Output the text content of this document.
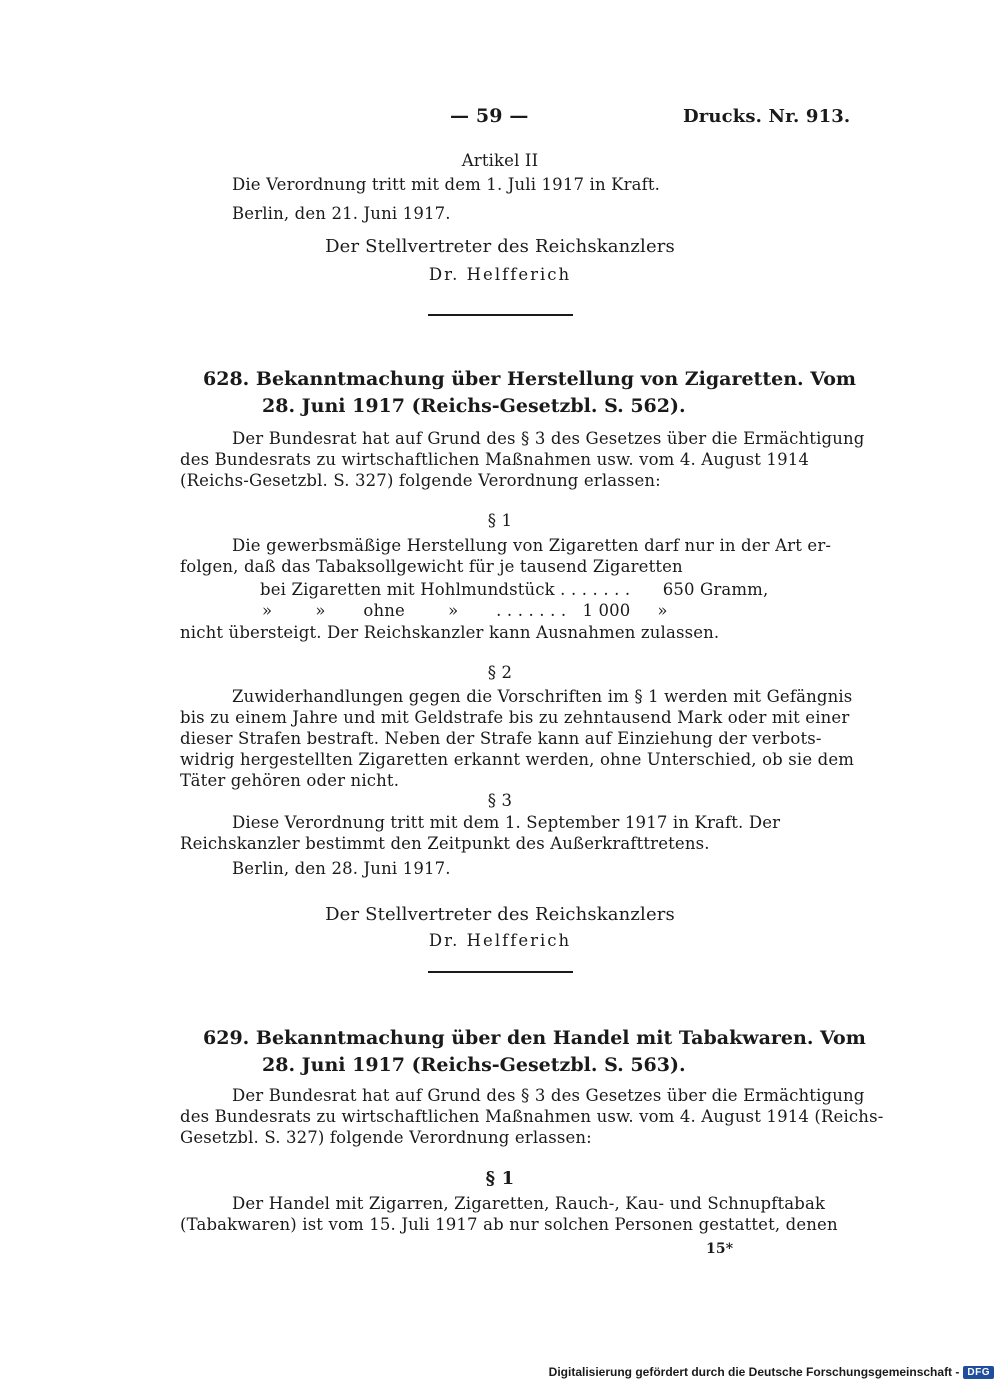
— 59 —	Drucks. Nr. 913.
Artikel II
Die Verordnung tritt mit dem 1. Juli 1917 in Kraft.
Berlin, den 21. Juni 1917.
Der Stellvertreter des Reichskanzlers
Dr. Helfferich
628. Bekanntmachung über Herstellung von Zigaretten. Vom
28. Juni 1917 (Reichs-Gesetzbl. S. 562).
Der Bundesrat hat auf Grund des § 3 des Gesetzes über die Ermächtigung
des Bundesrats zu wirtschaftlichen Maßnahmen usw. vom 4. August 1914
(Reichs-Gesetzbl. S. 327) folgende Verordnung erlassen:
§ 1
Die gewerbsmäßige Herstellung von Zigaretten darf nur in der Art er-
folgen, daß das Tabaksollgewicht für je tausend Zigaretten
bei Zigaretten mit Hohlmundstück . . . . . . .      650 Gramm,
»        »       ohne        »       . . . . . . .   1 000     »
nicht übersteigt. Der Reichskanzler kann Ausnahmen zulassen.
§ 2
Zuwiderhandlungen gegen die Vorschriften im § 1 werden mit Gefängnis
bis zu einem Jahre und mit Geldstrafe bis zu zehntausend Mark oder mit einer
dieser Strafen bestraft. Neben der Strafe kann auf Einziehung der verbots-
widrig hergestellten Zigaretten erkannt werden, ohne Unterschied, ob sie dem
Täter gehören oder nicht.
§ 3
Diese Verordnung tritt mit dem 1. September 1917 in Kraft. Der
Reichskanzler bestimmt den Zeitpunkt des Außerkrafttretens.
Berlin, den 28. Juni 1917.
Der Stellvertreter des Reichskanzlers
Dr. Helfferich
629. Bekanntmachung über den Handel mit Tabakwaren. Vom
28. Juni 1917 (Reichs-Gesetzbl. S. 563).
Der Bundesrat hat auf Grund des § 3 des Gesetzes über die Ermächtigung
des Bundesrats zu wirtschaftlichen Maßnahmen usw. vom 4. August 1914 (Reichs-
Gesetzbl. S. 327) folgende Verordnung erlassen:
§ 1
Der Handel mit Zigarren, Zigaretten, Rauch-, Kau- und Schnupftabak
(Tabakwaren) ist vom 15. Juli 1917 ab nur solchen Personen gestattet, denen
15*
Digitalisierung gefördert durch die Deutsche Forschungsgemeinschaft - DFG
